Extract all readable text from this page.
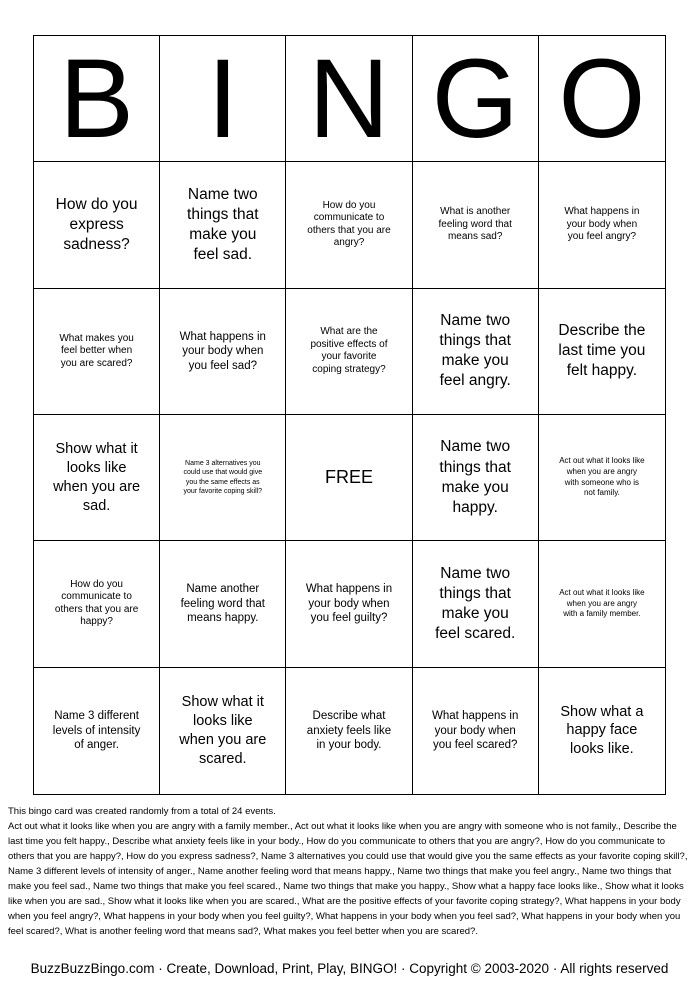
B I N G O
How do you express sadness?
Name two things that make you feel sad.
How do you communicate to others that you are angry?
What is another feeling word that means sad?
What happens in your body when you feel angry?
What makes you feel better when you are scared?
What happens in your body when you feel sad?
What are the positive effects of your favorite coping strategy?
Name two things that make you feel angry.
Describe the last time you felt happy.
Show what it looks like when you are sad.
Name 3 alternatives you could use that would give you the same effects as your favorite coping skill?
FREE
Name two things that make you happy.
Act out what it looks like when you are angry with someone who is not family.
How do you communicate to others that you are happy?
Name another feeling word that means happy.
What happens in your body when you feel guilty?
Name two things that make you feel scared.
Act out what it looks like when you are angry with a family member.
Name 3 different levels of intensity of anger.
Show what it looks like when you are scared.
Describe what anxiety feels like in your body.
What happens in your body when you feel scared?
Show what a happy face looks like.

This bingo card was created randomly from a total of 24 events.

Act out what it looks like when you are angry with a family member., Act out what it looks like when you are angry with someone who is not family., Describe the last time you felt happy., Describe what anxiety feels like in your body., How do you communicate to others that you are angry?, How do you communicate to others that you are happy?, How do you express sadness?, Name 3 alternatives you could use that would give you the same effects as your favorite coping skill?, Name 3 different levels of intensity of anger., Name another feeling word that means happy., Name two things that make you feel angry., Name two things that make you feel sad., Name two things that make you feel scared., Name two things that make you happy., Show what a happy face looks like., Show what it looks like when you are sad., Show what it looks like when you are scared., What are the positive effects of your favorite coping strategy?, What happens in your body when you feel angry?, What happens in your body when you feel guilty?, What happens in your body when you feel sad?, What happens in your body when you feel scared?, What is another feeling word that means sad?, What makes you feel better when you are scared?.

BuzzBuzzBingo.com · Create, Download, Print, Play, BINGO! · Copyright © 2003-2020 · All rights reserved
